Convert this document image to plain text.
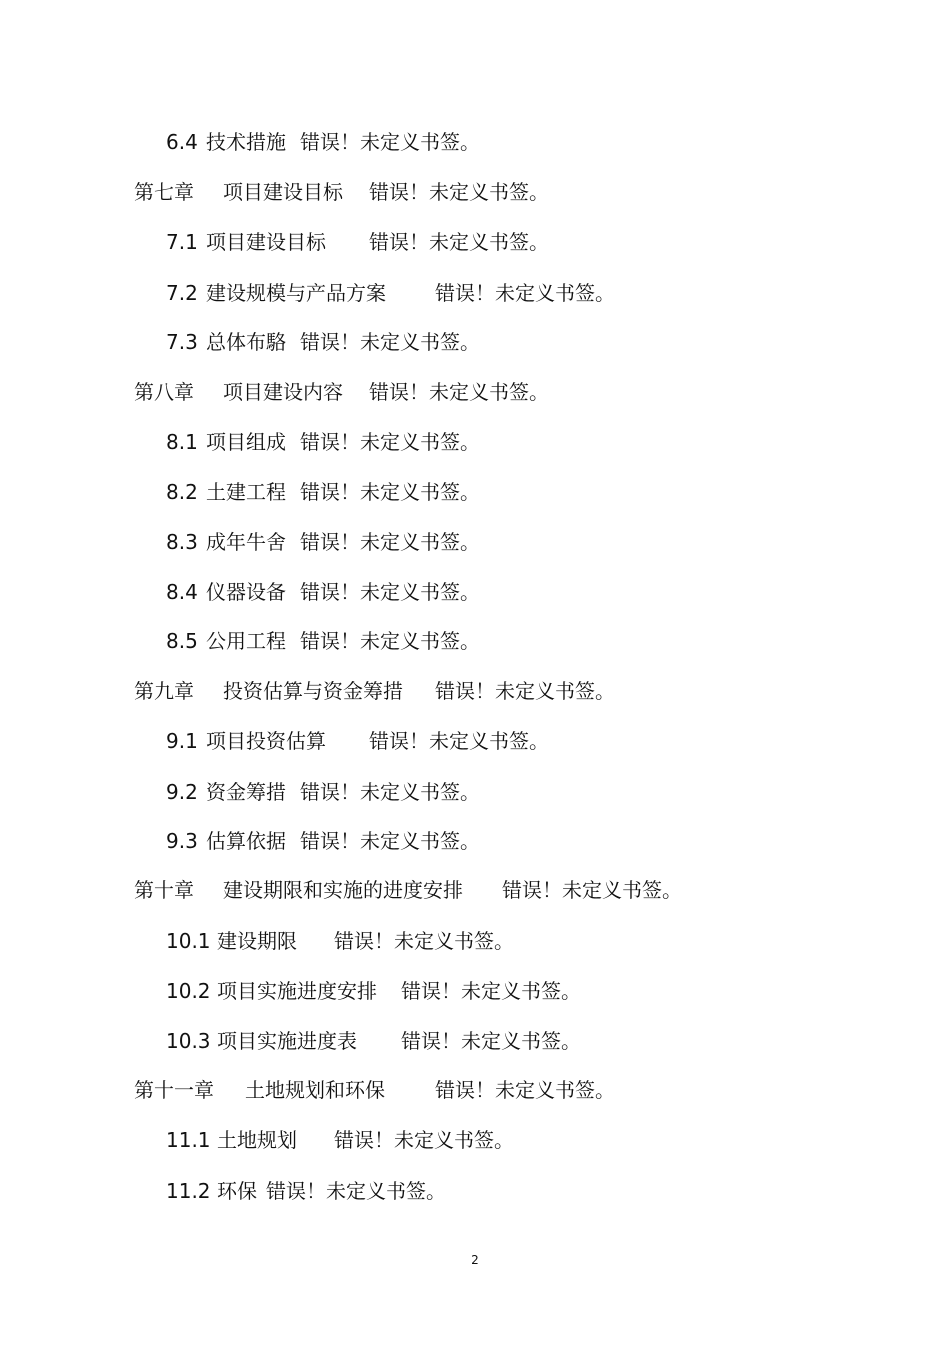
6.4 技术措施 错误！未定义书签。
第七章 项目建设目标 错误！未定义书签。
7.1 项目建设目标 错误！未定义书签。
7.2 建设规模与产品方案 错误！未定义书签。
7.3 总体布駱 错误！未定义书签。
第八章 项目建设内容 错误！未定义书签。
8.1 项目组成 错误！未定义书签。
8.2 土建工程 错误！未定义书签。
8.3 成年牛舍 错误！未定义书签。
8.4 仪器设备 错误！未定义书签。
8.5 公用工程 错误！未定义书签。
第九章 投资估算与资金筹措 错误！未定义书签。
9.1 项目投资估算 错误！未定义书签。
9.2 资金筹措 错误！未定义书签。
9.3 估算依据 错误！未定义书签。
第十章 建设期限和实施的进度安排 错误！未定义书签。
10.1 建设期限 错误！未定义书签。
10.2 项目实施进度安排 错误！未定义书签。
10.3 项目实施进度表 错误！未定义书签。
第十一章 土地规划和环保	错误！未定义书签。
11.1 土地规划 错误！未定义书签。
11.2 环保 错误！未定义书签。
2
